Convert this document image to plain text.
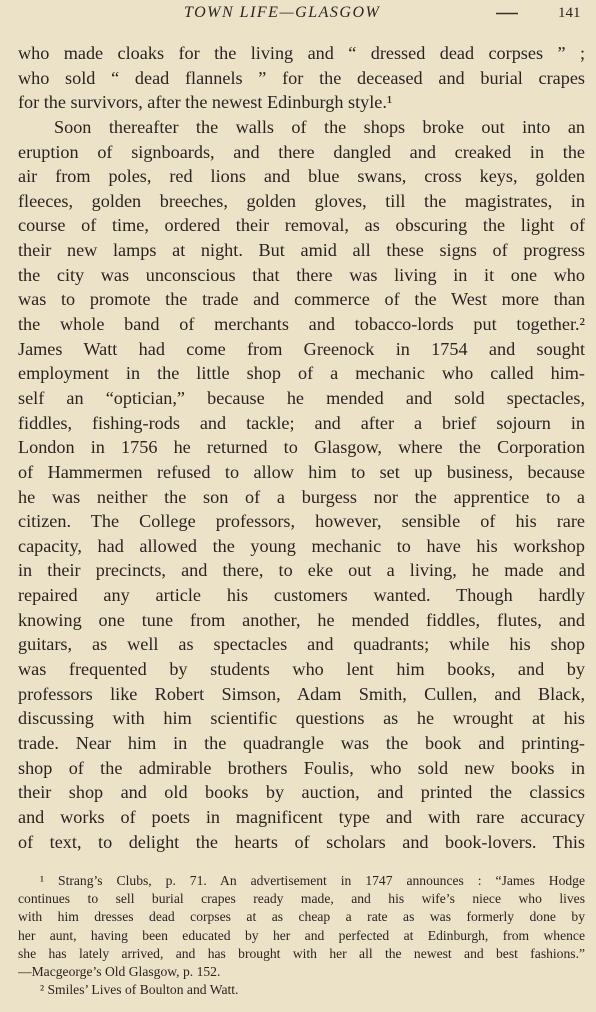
TOWN LIFE—GLASGOW	141
who made cloaks for the living and “ dressed dead corpses ” ;
who sold “ dead flannels ” for the deceased and burial crapes
for the survivors, after the newest Edinburgh style.¹
Soon thereafter the walls of the shops broke out into an
eruption of signboards, and there dangled and creaked in the
air from poles, red lions and blue swans, cross keys, golden
fleeces, golden breeches, golden gloves, till the magistrates, in
course of time, ordered their removal, as obscuring the light of
their new lamps at night. But amid all these signs of progress
the city was unconscious that there was living in it one who
was to promote the trade and commerce of the West more than
the whole band of merchants and tobacco-lords put together.²
James Watt had come from Greenock in 1754 and sought
employment in the little shop of a mechanic who called him-
self an “optician,” because he mended and sold spectacles,
fiddles, fishing-rods and tackle; and after a brief sojourn in
London in 1756 he returned to Glasgow, where the Corporation
of Hammermen refused to allow him to set up business, because
he was neither the son of a burgess nor the apprentice to a
citizen. The College professors, however, sensible of his rare
capacity, had allowed the young mechanic to have his workshop
in their precincts, and there, to eke out a living, he made and
repaired any article his customers wanted. Though hardly
knowing one tune from another, he mended fiddles, flutes, and
guitars, as well as spectacles and quadrants; while his shop
was frequented by students who lent him books, and by
professors like Robert Simson, Adam Smith, Cullen, and Black,
discussing with him scientific questions as he wrought at his
trade. Near him in the quadrangle was the book and printing-
shop of the admirable brothers Foulis, who sold new books in
their shop and old books by auction, and printed the classics
and works of poets in magnificent type and with rare accuracy
of text, to delight the hearts of scholars and book-lovers. This
¹ Strang’s Clubs, p. 71. An advertisement in 1747 announces : “James Hodge
continues to sell burial crapes ready made, and his wife’s niece who lives
with him dresses dead corpses at as cheap a rate as was formerly done by
her aunt, having been educated by her and perfected at Edinburgh, from whence
she has lately arrived, and has brought with her all the newest and best fashions.”
—Macgeorge’s Old Glasgow, p. 152.
² Smiles’ Lives of Boulton and Watt.
